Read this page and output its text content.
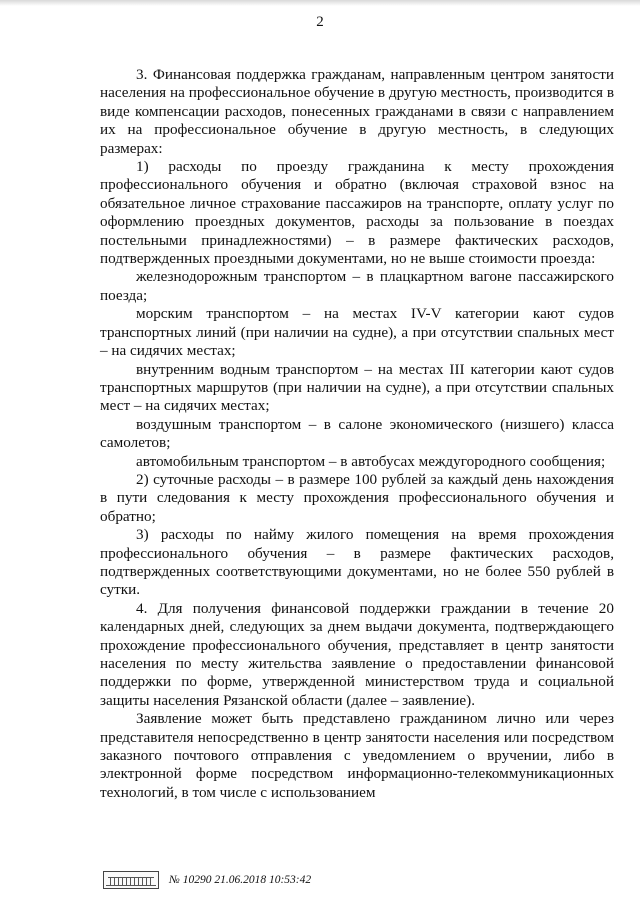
2

3. Финансовая поддержка гражданам, направленным центром занятости населения на профессиональное обучение в другую местность, производится в виде компенсации расходов, понесенных гражданами в связи с направлением их на профессиональное обучение в другую местность, в следующих размерах:

1) расходы по проезду гражданина к месту прохождения профессионального обучения и обратно (включая страховой взнос на обязательное личное страхование пассажиров на транспорте, оплату услуг по оформлению проездных документов, расходы за пользование в поездах постельными принадлежностями) – в размере фактических расходов, подтвержденных проездными документами, но не выше стоимости проезда:

железнодорожным транспортом – в плацкартном вагоне пассажирского поезда;

морским транспортом – на местах IV-V категории кают судов транспортных линий (при наличии на судне), а при отсутствии спальных мест – на сидячих местах;

внутренним водным транспортом – на местах III категории кают судов транспортных маршрутов (при наличии на судне), а при отсутствии спальных мест – на сидячих местах;

воздушным транспортом – в салоне экономического (низшего) класса самолетов;

автомобильным транспортом – в автобусах междугородного сообщения;

2) суточные расходы – в размере 100 рублей за каждый день нахождения в пути следования к месту прохождения профессионального обучения и обратно;

3) расходы по найму жилого помещения на время прохождения профессионального обучения – в размере фактических расходов, подтвержденных соответствующими документами, но не более 550 рублей в сутки.

4. Для получения финансовой поддержки граждании в течение 20 календарных дней, следующих за днем выдачи документа, подтверждающего прохождение профессионального обучения, представляет в центр занятости населения по месту жительства заявление о предоставлении финансовой поддержки по форме, утвержденной министерством труда и социальной защиты населения Рязанской области (далее – заявление).

Заявление может быть представлено гражданином лично или через представителя непосредственно в центр занятости населения или посредством заказного почтового отправления с уведомлением о вручении, либо в электронной форме посредством информационно-телекоммуникационных технологий, в том числе с использованием

№ 10290 21.06.2018 10:53:42
